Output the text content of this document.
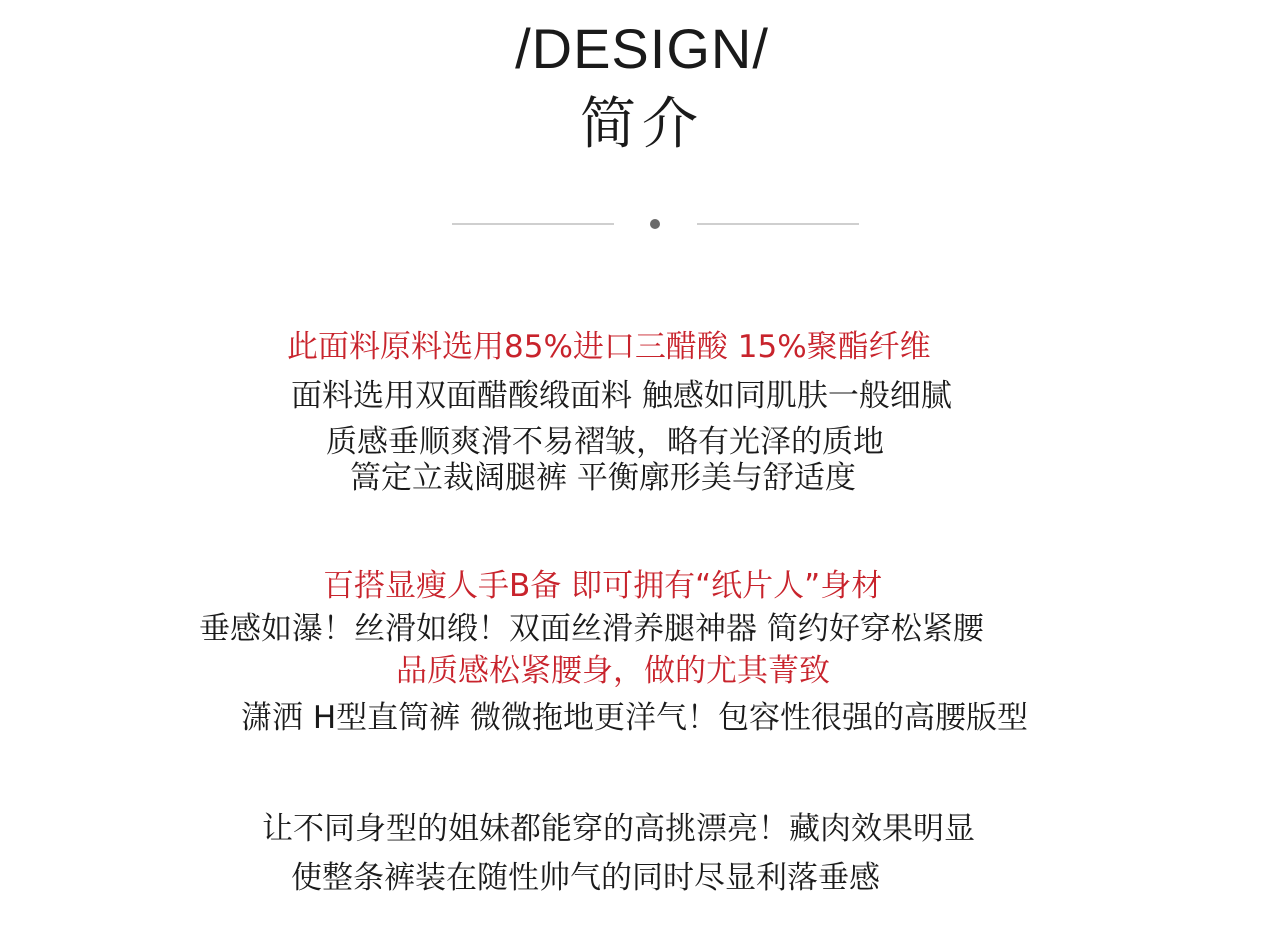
/DESIGN/
简介
此面料原料选用85%进口三醋酸 15%聚酯纤维
面料选用双面醋酸缎面料 触感如同肌肤一般细腻
质感垂顺爽滑不易褶皱，略有光泽的质地
篙定立裁阔腿裤 平衡廓形美与舒适度
百搭显瘦人手B备 即可拥有“纸片人”身材
垂感如瀑！丝滑如缎！双面丝滑养腿神器 简约好穿松紧腰
品质感松紧腰身，做的尤其菁致
潇洒 H型直筒裤 微微拖地更洋气！包容性很强的高腰版型
让不同身型的姐妹都能穿的高挑漂亮！藏肉效果明显
使整条裤装在随性帅气的同时尽显利落垂感
